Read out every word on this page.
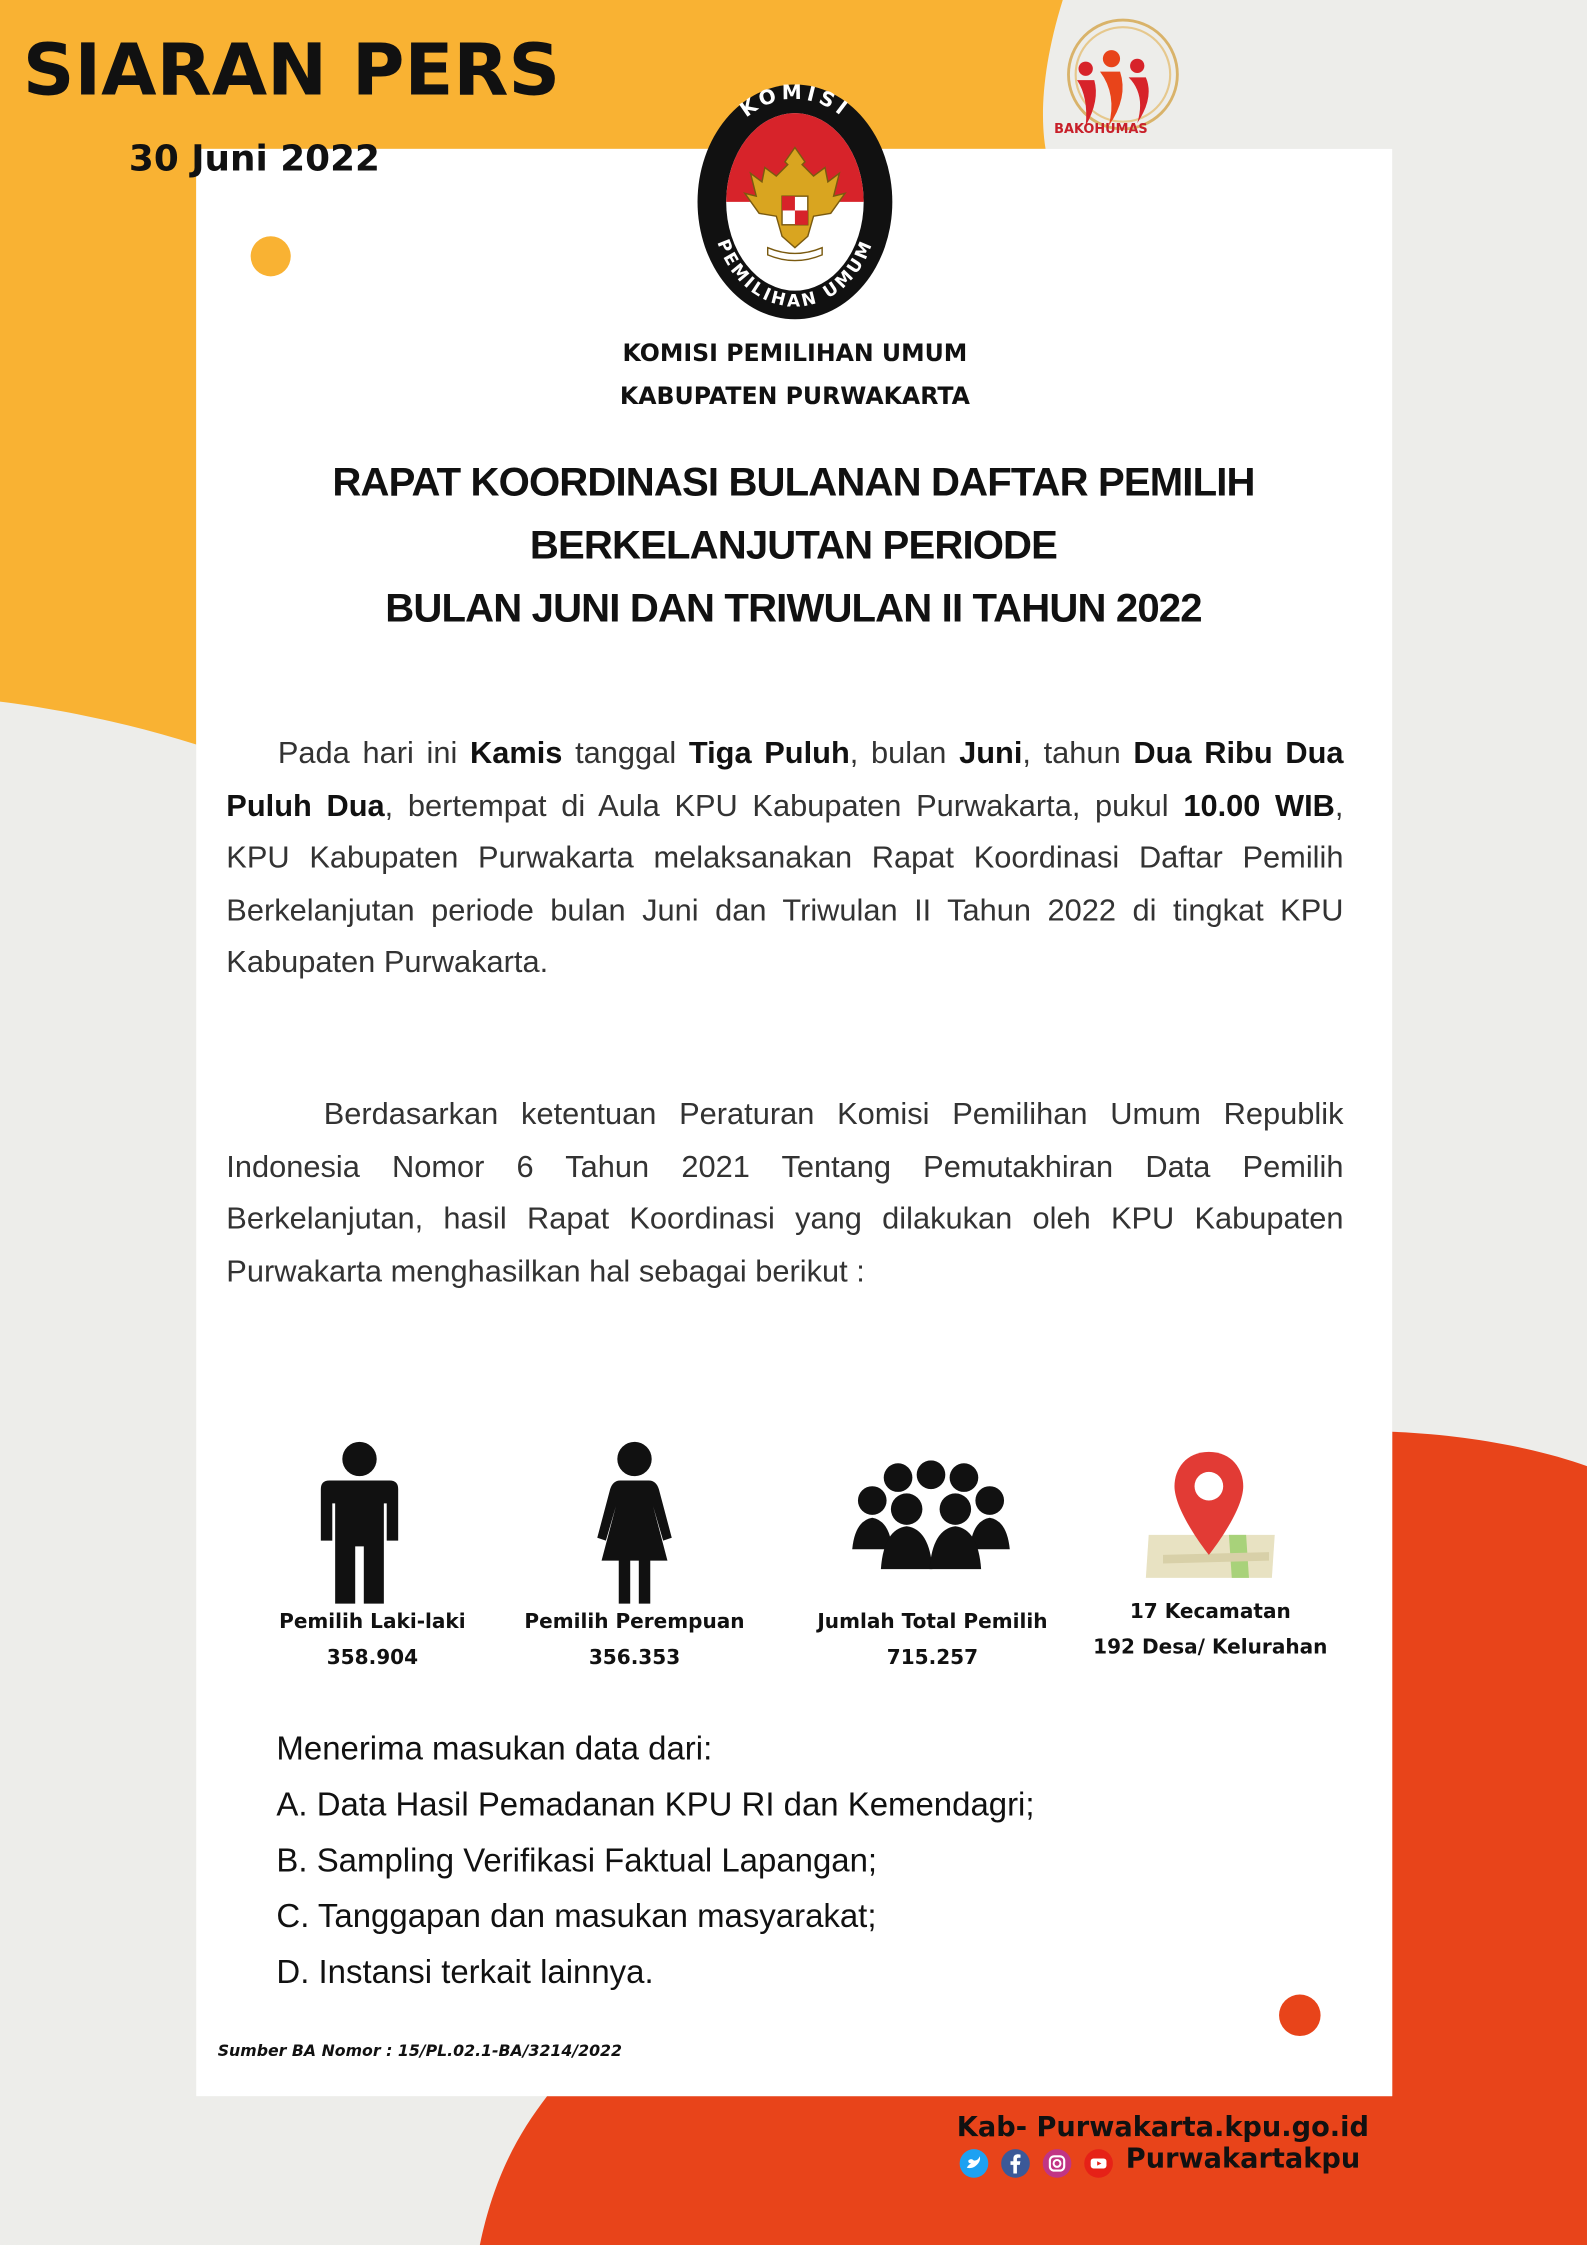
SIARAN PERS
30 Juni 2022
BAKOHUMAS
KOMISI
PEMILIHAN UMUM
KOMISI PEMILIHAN UMUM
KABUPATEN PURWAKARTA
RAPAT KOORDINASI BULANAN DAFTAR PEMILIH
BERKELANJUTAN PERIODE
BULAN JUNI DAN TRIWULAN II TAHUN 2022
Pada hari ini Kamis tanggal Tiga Puluh, bulan Juni, tahun Dua Ribu Dua Puluh Dua, bertempat di Aula KPU Kabupaten Purwakarta, pukul 10.00 WIB, KPU Kabupaten Purwakarta melaksanakan Rapat Koordinasi Daftar Pemilih Berkelanjutan periode bulan Juni dan Triwulan II Tahun 2022 di tingkat KPU Kabupaten Purwakarta.
Berdasarkan ketentuan Peraturan Komisi Pemilihan Umum Republik Indonesia Nomor 6 Tahun 2021 Tentang Pemutakhiran Data Pemilih Berkelanjutan, hasil Rapat Koordinasi yang dilakukan oleh KPU Kabupaten Purwakarta menghasilkan hal sebagai berikut :
Pemilih Laki-laki
358.904
Pemilih Perempuan
356.353
Jumlah Total Pemilih
715.257
17 Kecamatan
192 Desa/ Kelurahan
Menerima masukan data dari:
A. Data Hasil Pemadanan KPU RI dan Kemendagri;
B. Sampling Verifikasi Faktual Lapangan;
C. Tanggapan dan masukan masyarakat;
D. Instansi terkait lainnya.
Sumber BA Nomor : 15/PL.02.1-BA/3214/2022
Kab- Purwakarta.kpu.go.id
Purwakartakpu
